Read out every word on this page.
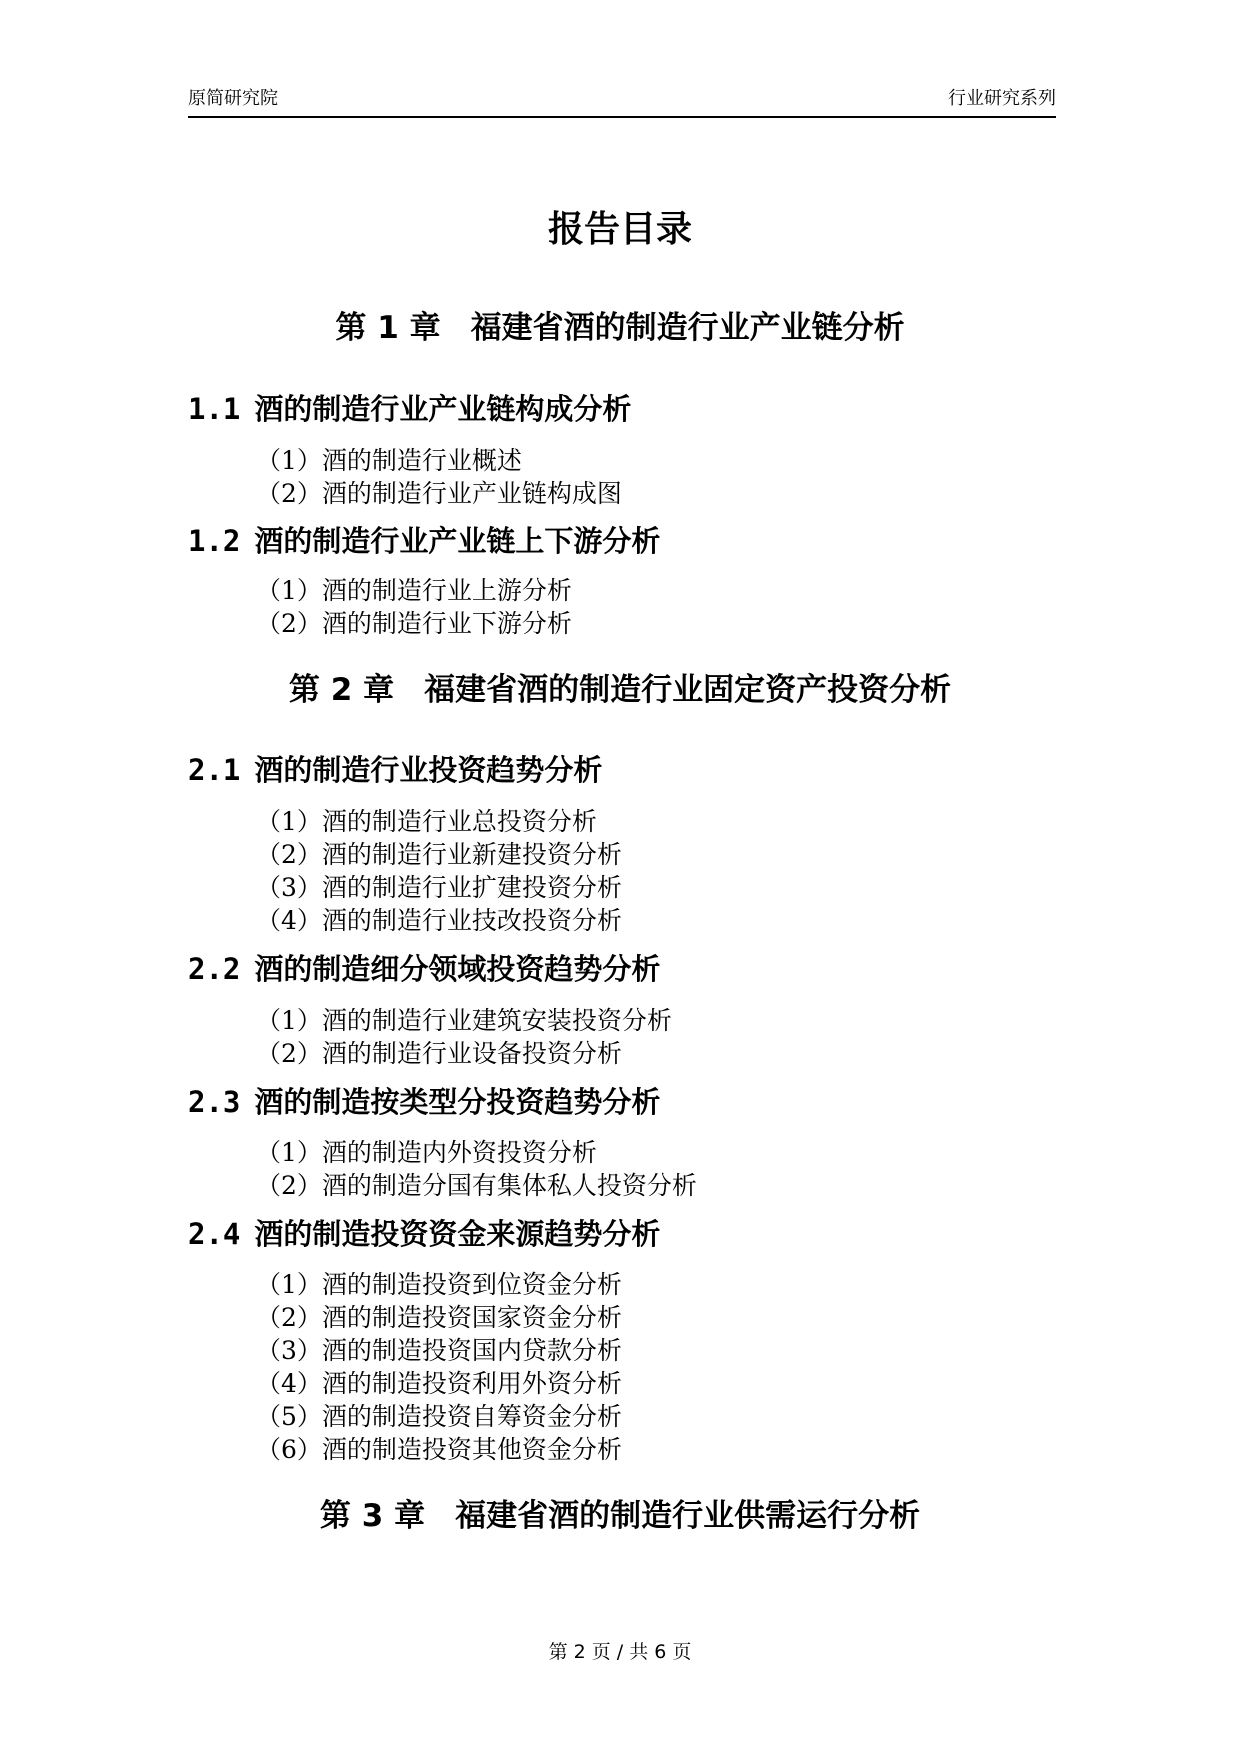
原简研究院	行业研究系列
报告目录
第 1 章 福建省酒的制造行业产业链分析
1.1 酒的制造行业产业链构成分析
（1）酒的制造行业概述
（2）酒的制造行业产业链构成图
1.2 酒的制造行业产业链上下游分析
（1）酒的制造行业上游分析
（2）酒的制造行业下游分析
第 2 章 福建省酒的制造行业固定资产投资分析
2.1 酒的制造行业投资趋势分析
（1）酒的制造行业总投资分析
（2）酒的制造行业新建投资分析
（3）酒的制造行业扩建投资分析
（4）酒的制造行业技改投资分析
2.2 酒的制造细分领域投资趋势分析
（1）酒的制造行业建筑安装投资分析
（2）酒的制造行业设备投资分析
2.3 酒的制造按类型分投资趋势分析
（1）酒的制造内外资投资分析
（2）酒的制造分国有集体私人投资分析
2.4 酒的制造投资资金来源趋势分析
（1）酒的制造投资到位资金分析
（2）酒的制造投资国家资金分析
（3）酒的制造投资国内贷款分析
（4）酒的制造投资利用外资分析
（5）酒的制造投资自筹资金分析
（6）酒的制造投资其他资金分析
第 3 章 福建省酒的制造行业供需运行分析
第 2 页 / 共 6 页
